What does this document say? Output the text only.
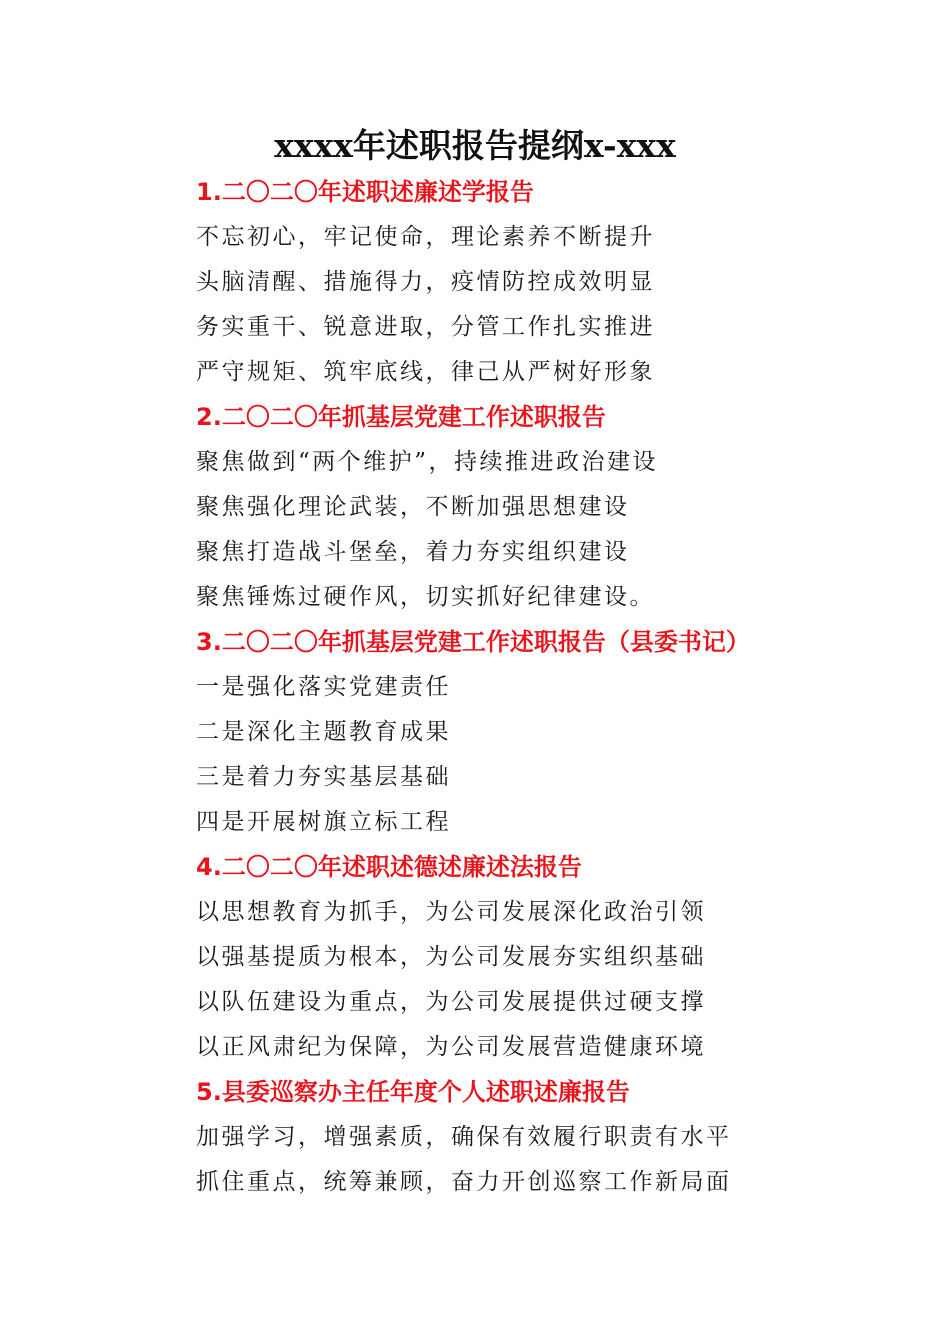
xxxx年述职报告提纲x-xxx
1.二〇二〇年述职述廉述学报告
不忘初心，牢记使命，理论素养不断提升
头脑清醒、措施得力，疫情防控成效明显
务实重干、锐意进取，分管工作扎实推进
严守规矩、筑牢底线，律己从严树好形象
2.二〇二〇年抓基层党建工作述职报告
聚焦做到“两个维护”，持续推进政治建设
聚焦强化理论武装，不断加强思想建设
聚焦打造战斗堡垒，着力夯实组织建设
聚焦锤炼过硬作风，切实抓好纪律建设。
3.二〇二〇年抓基层党建工作述职报告（县委书记）
一是强化落实党建责任
二是深化主题教育成果
三是着力夯实基层基础
四是开展树旗立标工程
4.二〇二〇年述职述德述廉述法报告
以思想教育为抓手，为公司发展深化政治引领
以强基提质为根本，为公司发展夯实组织基础
以队伍建设为重点，为公司发展提供过硬支撑
以正风肃纪为保障，为公司发展营造健康环境
5.县委巡察办主任年度个人述职述廉报告
加强学习，增强素质，确保有效履行职责有水平
抓住重点，统筹兼顾，奋力开创巡察工作新局面
